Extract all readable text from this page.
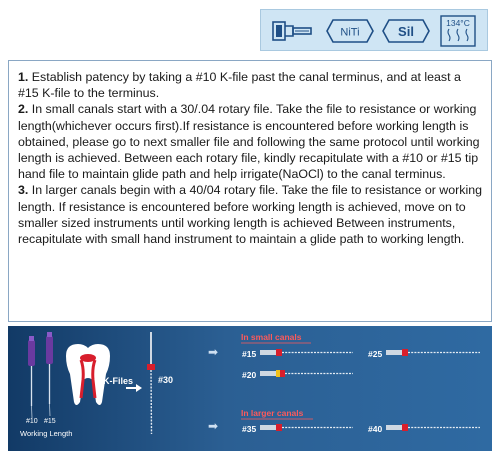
NiTi	Sil
134°C

1. Establish patency by taking a #10 K-file past the canal terminus, and at least a #15 K-file to the terminus.

2. In small canals start with a 30/.04 rotary file. Take the file to resistance or working length(whichever occurs first).If resistance is encountered before working length is obtained, please go to next smaller file and following the same protocol until working length is achieved. Between each rotary file, kindly recapitulate with a #10 or #15 tip hand file to maintain glide path and help irrigate(NaOCl) to the canal terminus.

3. In larger canals begin with a 40/04 rotary file. Take the file to resistance or working length. If resistance is encountered before working length is achieved, move on to smaller sized instruments until working length is achieved Between instruments, recapitulate with small hand instrument to maintain a glide path to working length.

#10 #15
Working Length
K-Files	#30
➡
➡
In small canals
In larger canals
#15
#20
#25
#35	#40
